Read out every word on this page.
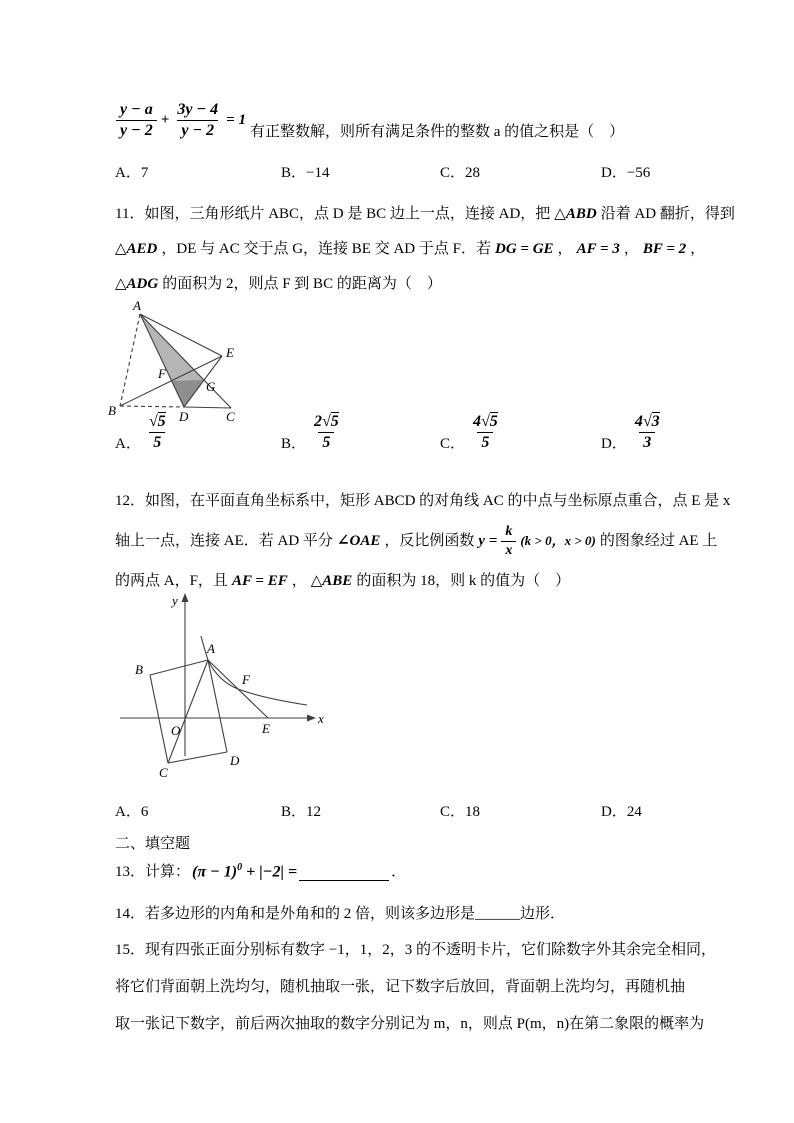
$\frac{y - a}{y - 2} + \frac{3y - 4}{y - 2} = 1$
有正整数解，则所有满足条件的整数 a 的值之积是（　）
A．7	B．−14	C．28	D．−56
11．如图，三角形纸片 ABC，点 D 是 BC 边上一点，连接 AD，把 △ABD 沿着 AD 翻折，得到
△AED ，DE 与 AC 交于点 G，连接 BE 交 AD 于点 F．若 DG = GE ， AF = 3 ， BF = 2 ，
△ADG 的面积为 2，则点 F 到 BC 的距离为（　）
A
B	C
D
E
F
G
A． $\frac{√5}{5}$	B． $\frac{2√5}{5}$	C． $\frac{4√5}{5}$	D． $\frac{4√3}{3}$
12．如图，在平面直角坐标系中，矩形 ABCD 的对角线 AC 的中点与坐标原点重合，点 E 是 x
轴上一点，连接 AE．若 AD 平分 ∠OAE ，反比例函数 $y = \frac{k}{x} (k > 0$，x > 0) 的图象经过 AE 上
的两点 A，F，且 AF = EF ， △ABE 的面积为 18，则 k 的值为（　）
y
x
O
A
B
C
D
E
F
A．6	B．12	C．18	D．24
二、填空题
13．计算： $(\pi - 1)^0 + |-2|$ =	．
14．若多边形的内角和是外角和的 2 倍，则该多边形是______边形．
15．现有四张正面分别标有数字 −1，1，2，3 的不透明卡片，它们除数字外其余完全相同，
将它们背面朝上洗均匀，随机抽取一张，记下数字后放回，背面朝上洗均匀，再随机抽
取一张记下数字，前后两次抽取的数字分别记为 m，n，则点 P(m，n)在第二象限的概率为
